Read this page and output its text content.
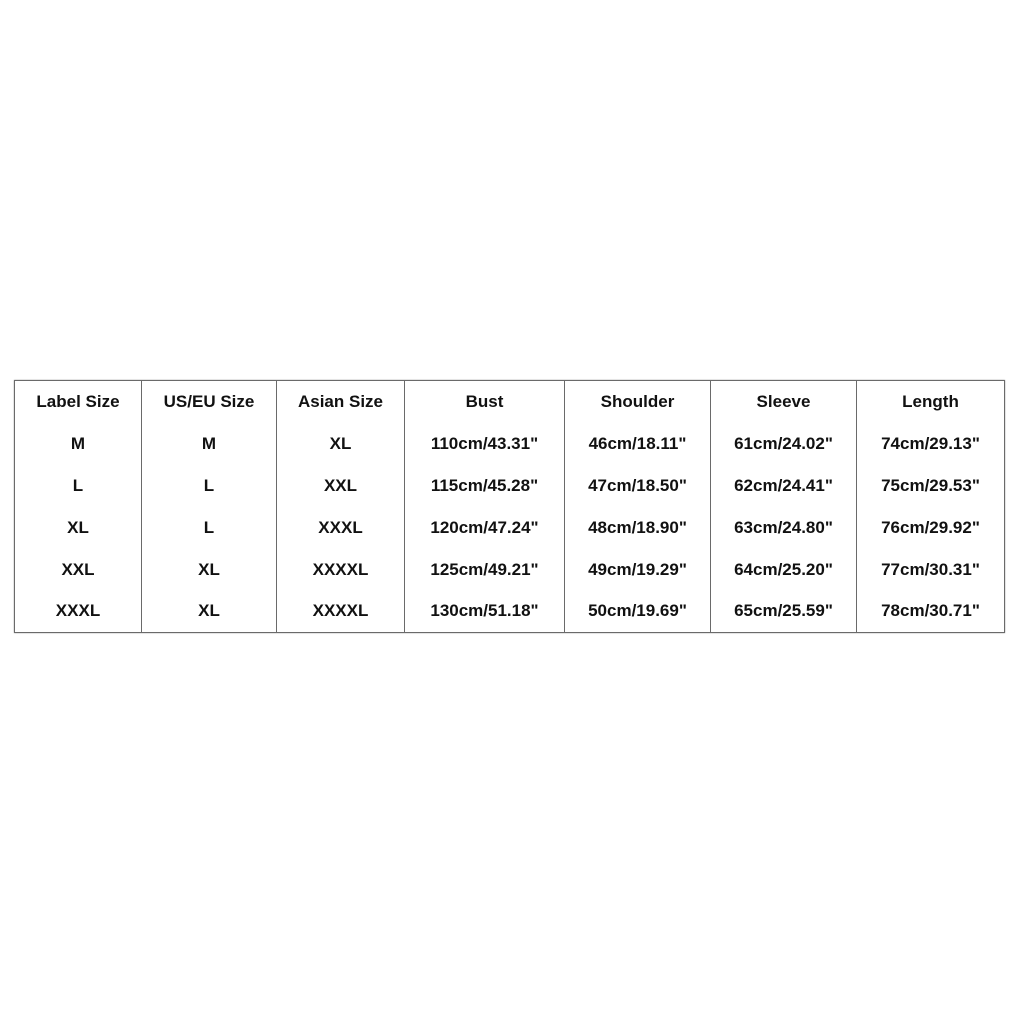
Label Size	US/EU Size	Asian Size	Bust	Shoulder	Sleeve	Length
M	M	XL	110cm/43.31"	46cm/18.11"	61cm/24.02"	74cm/29.13"
L	L	XXL	115cm/45.28"	47cm/18.50"	62cm/24.41"	75cm/29.53"
XL	L	XXXL	120cm/47.24"	48cm/18.90"	63cm/24.80"	76cm/29.92"
XXL	XL	XXXXL	125cm/49.21"	49cm/19.29"	64cm/25.20"	77cm/30.31"
XXXL	XL	XXXXL	130cm/51.18"	50cm/19.69"	65cm/25.59"	78cm/30.71"
